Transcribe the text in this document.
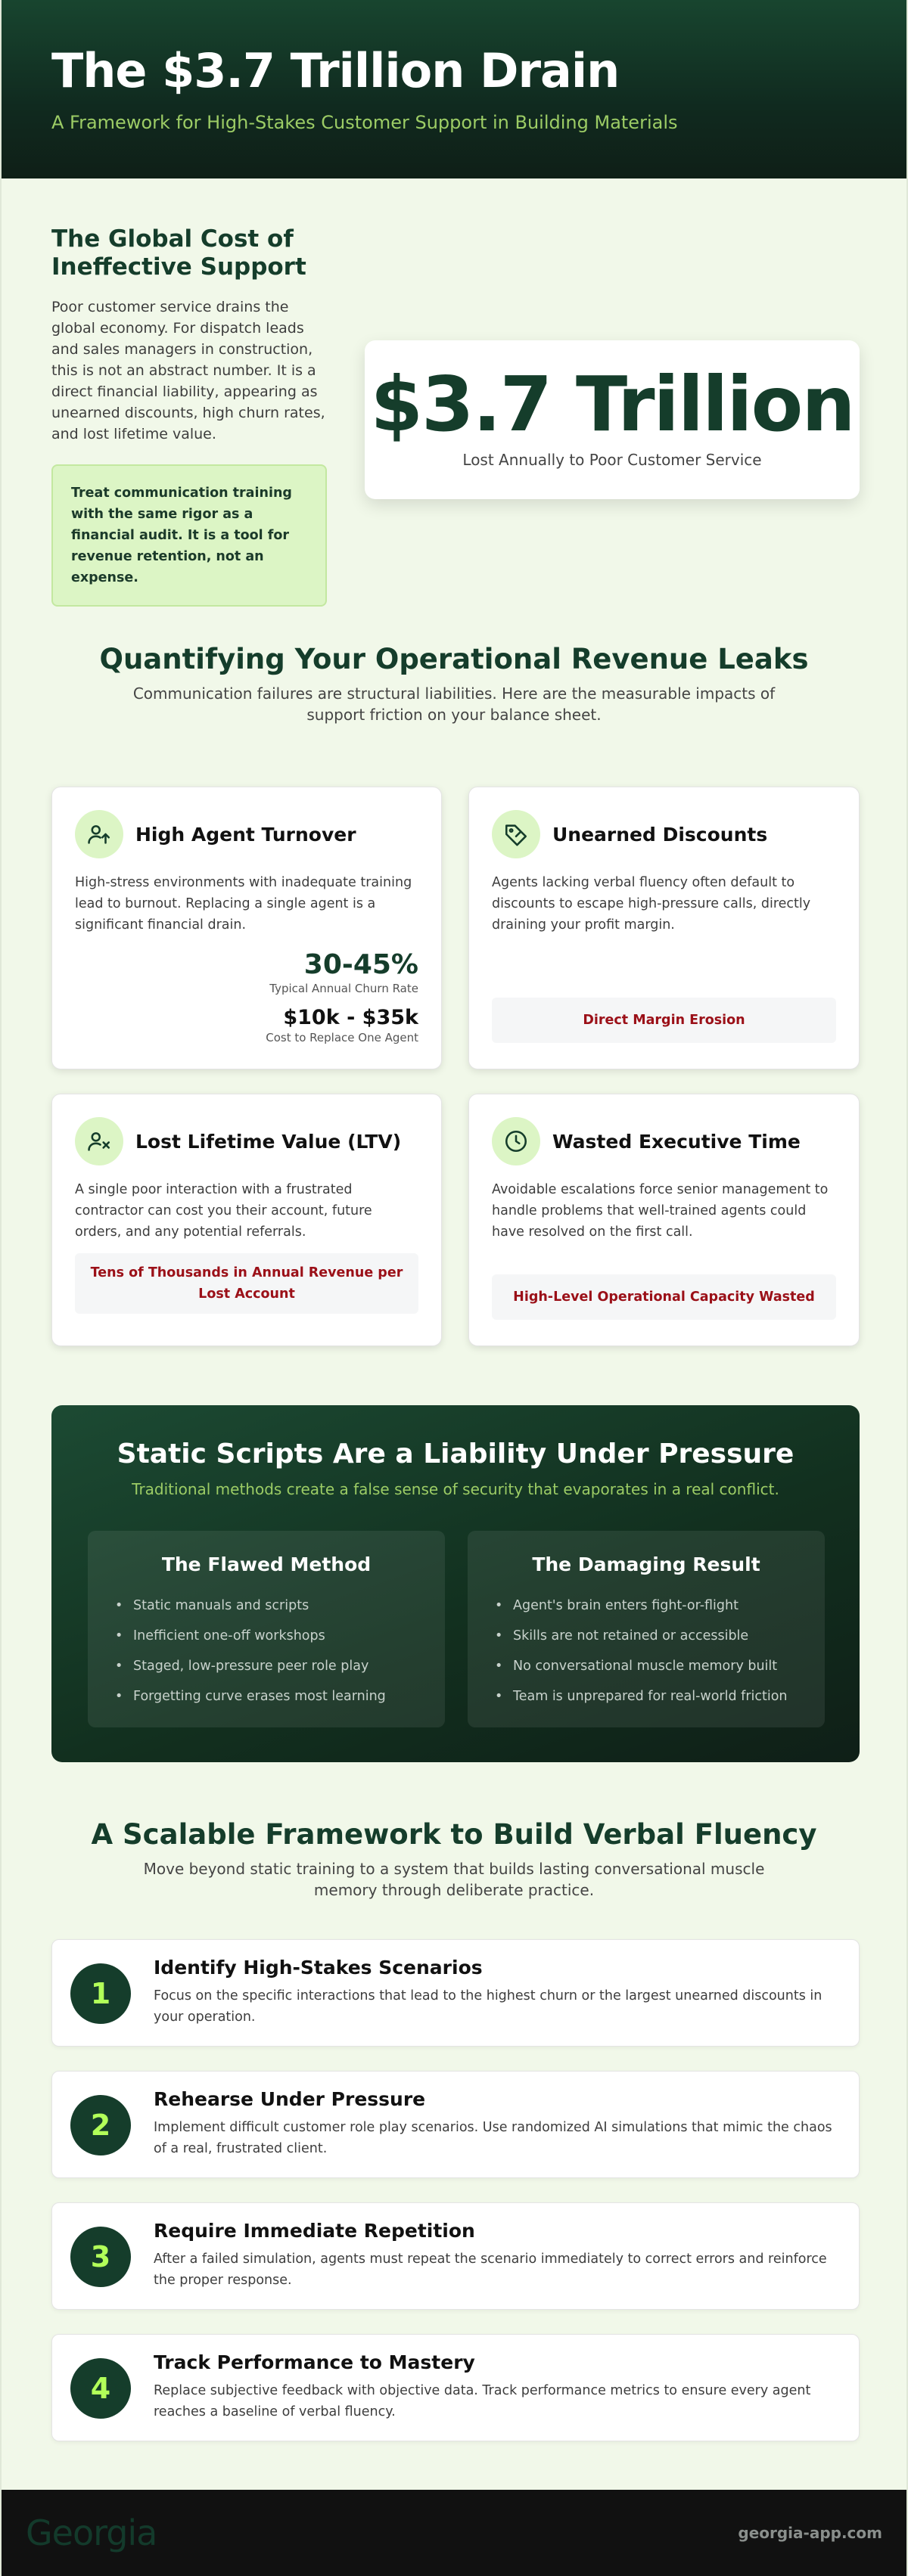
The $3.7 Trillion Drain

A Framework for High-Stakes Customer Support in Building Materials

The Global Cost of Ineffective Support

Poor customer service drains the global economy. For dispatch leads and sales managers in construction, this is not an abstract number. It is a direct financial liability, appearing as unearned discounts, high churn rates, and lost lifetime value.

Treat communication training with the same rigor as a financial audit. It is a tool for revenue retention, not an expense.
$3.7 Trillion
Lost Annually to Poor Customer Service
Quantifying Your Operational Revenue Leaks

Communication failures are structural liabilities. Here are the measurable impacts of support friction on your balance sheet.

High Agent Turnover

High-stress environments with inadequate training lead to burnout. Replacing a single agent is a significant financial drain.

30-45%
Typical Annual Churn Rate
$10k - $35k
Cost to Replace One Agent
Unearned Discounts

Agents lacking verbal fluency often default to discounts to escape high-pressure calls, directly draining your profit margin.

Direct Margin Erosion
Lost Lifetime Value (LTV)

A single poor interaction with a frustrated contractor can cost you their account, future orders, and any potential referrals.

Tens of Thousands in Annual Revenue per Lost Account
Wasted Executive Time

Avoidable escalations force senior management to handle problems that well-trained agents could have resolved on the first call.

High-Level Operational Capacity Wasted
Static Scripts Are a Liability Under Pressure

Traditional methods create a false sense of security that evaporates in a real conflict.

The Flawed Method
• Static manuals and scripts
• Inefficient one-off workshops
• Staged, low-pressure peer role play
• Forgetting curve erases most learning
The Damaging Result
• Agent's brain enters fight-or-flight
• Skills are not retained or accessible
• No conversational muscle memory built
• Team is unprepared for real-world friction
A Scalable Framework to Build Verbal Fluency

Move beyond static training to a system that builds lasting conversational muscle memory through deliberate practice.

1
Identify High-Stakes Scenarios

Focus on the specific interactions that lead to the highest churn or the largest unearned discounts in your operation.

2
Rehearse Under Pressure

Implement difficult customer role play scenarios. Use randomized AI simulations that mimic the chaos of a real, frustrated client.

3
Require Immediate Repetition

After a failed simulation, agents must repeat the scenario immediately to correct errors and reinforce the proper response.

4
Track Performance to Mastery

Replace subjective feedback with objective data. Track performance metrics to ensure every agent reaches a baseline of verbal fluency.

Georgia	georgia-app.com
